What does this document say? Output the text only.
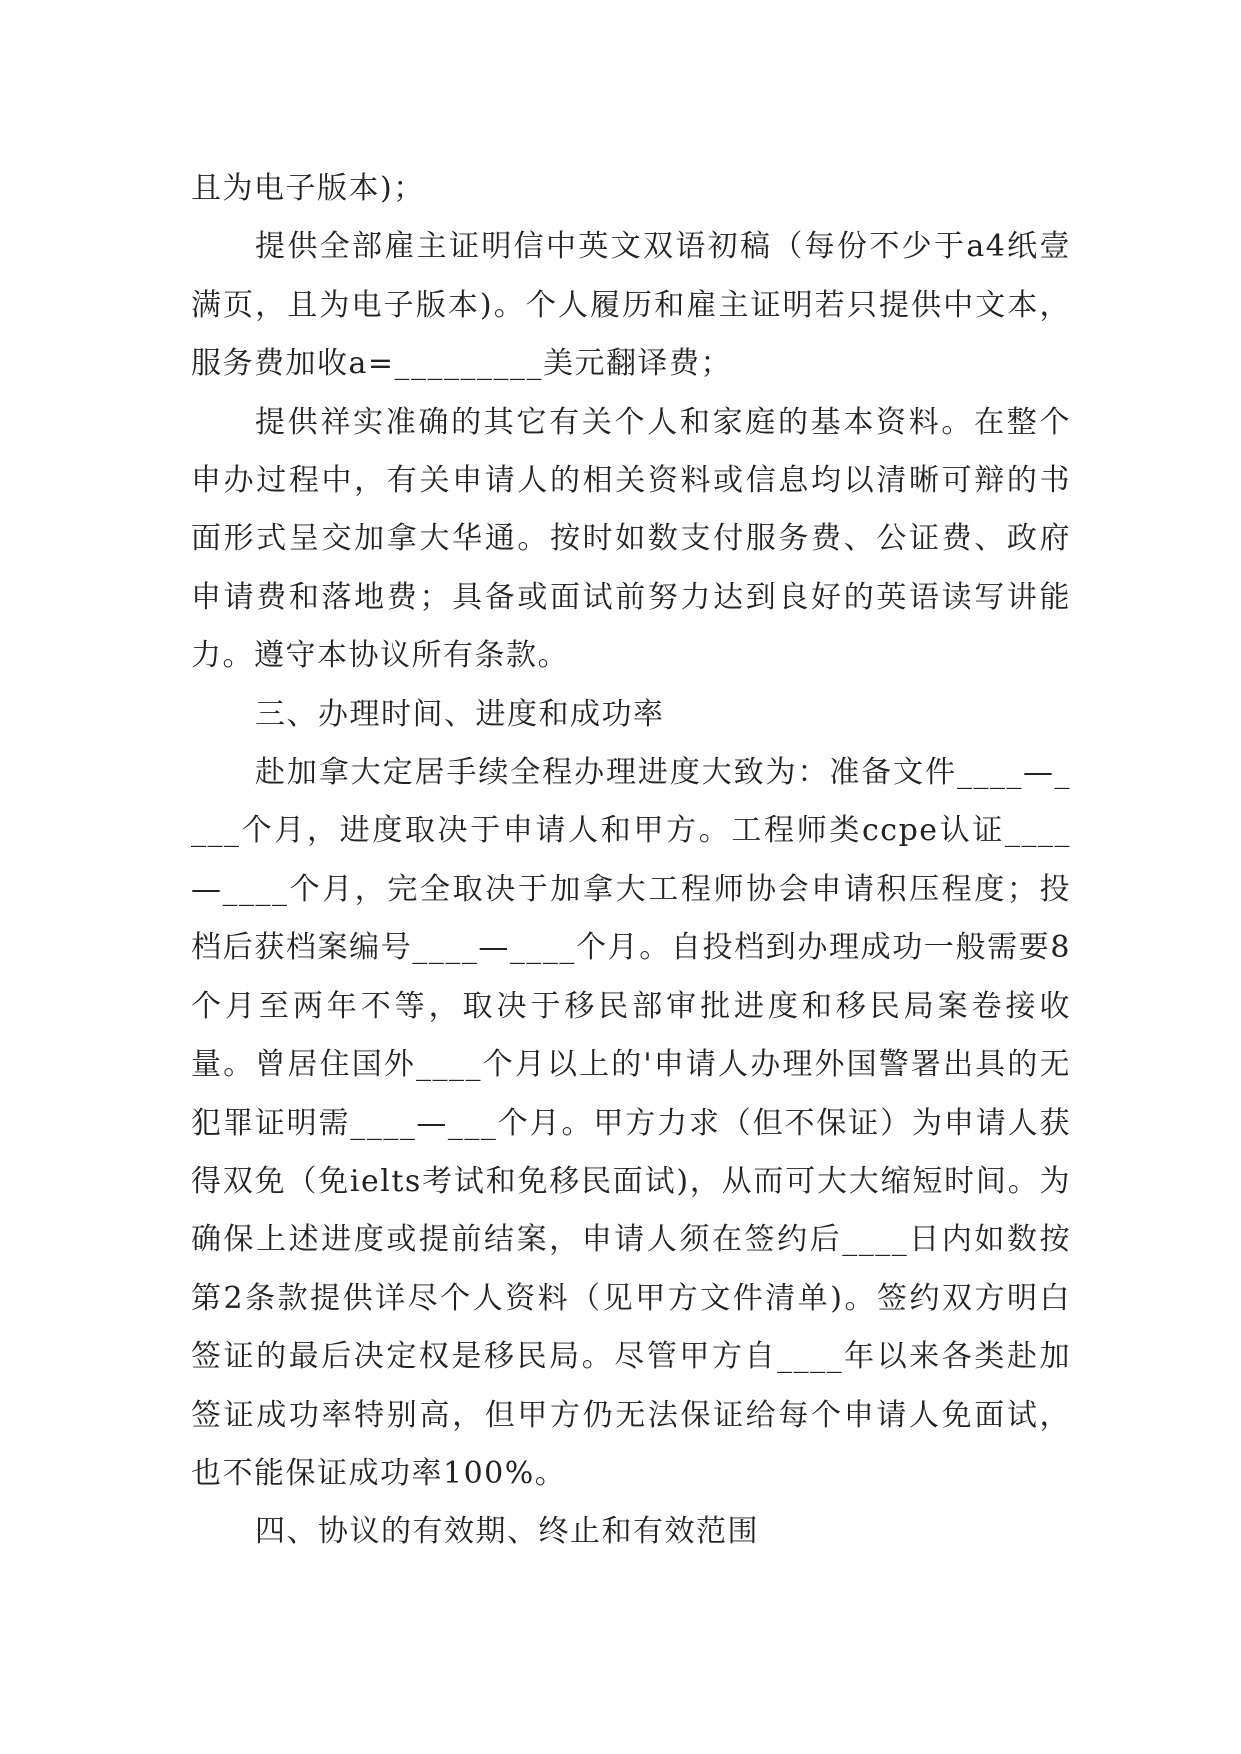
且为电子版本)；

提供全部雇主证明信中英文双语初稿（每份不少于a4纸壹满页，且为电子版本)。个人履历和雇主证明若只提供中文本，服务费加收a=_________美元翻译费；

提供祥实准确的其它有关个人和家庭的基本资料。在整个申办过程中，有关申请人的相关资料或信息均以清晰可辩的书面形式呈交加拿大华通。按时如数支付服务费、公证费、政府申请费和落地费；具备或面试前努力达到良好的英语读写讲能力。遵守本协议所有条款。

三、办理时间、进度和成功率

赴加拿大定居手续全程办理进度大致为：准备文件____—____个月，进度取决于申请人和甲方。工程师类ccpe认证____—____个月，完全取决于加拿大工程师协会申请积压程度；投档后获档案编号____—____个月。自投档到办理成功一般需要8个月至两年不等，取决于移民部审批进度和移民局案卷接收量。曾居住国外____个月以上的'申请人办理外国警署出具的无犯罪证明需____—___个月。甲方力求（但不保证）为申请人获得双免（免ielts考试和免移民面试)，从而可大大缩短时间。为确保上述进度或提前结案，申请人须在签约后____日内如数按第2条款提供详尽个人资料（见甲方文件清单)。签约双方明白签证的最后决定权是移民局。尽管甲方自____年以来各类赴加签证成功率特别高，但甲方仍无法保证给每个申请人免面试，也不能保证成功率100%。

四、协议的有效期、终止和有效范围
